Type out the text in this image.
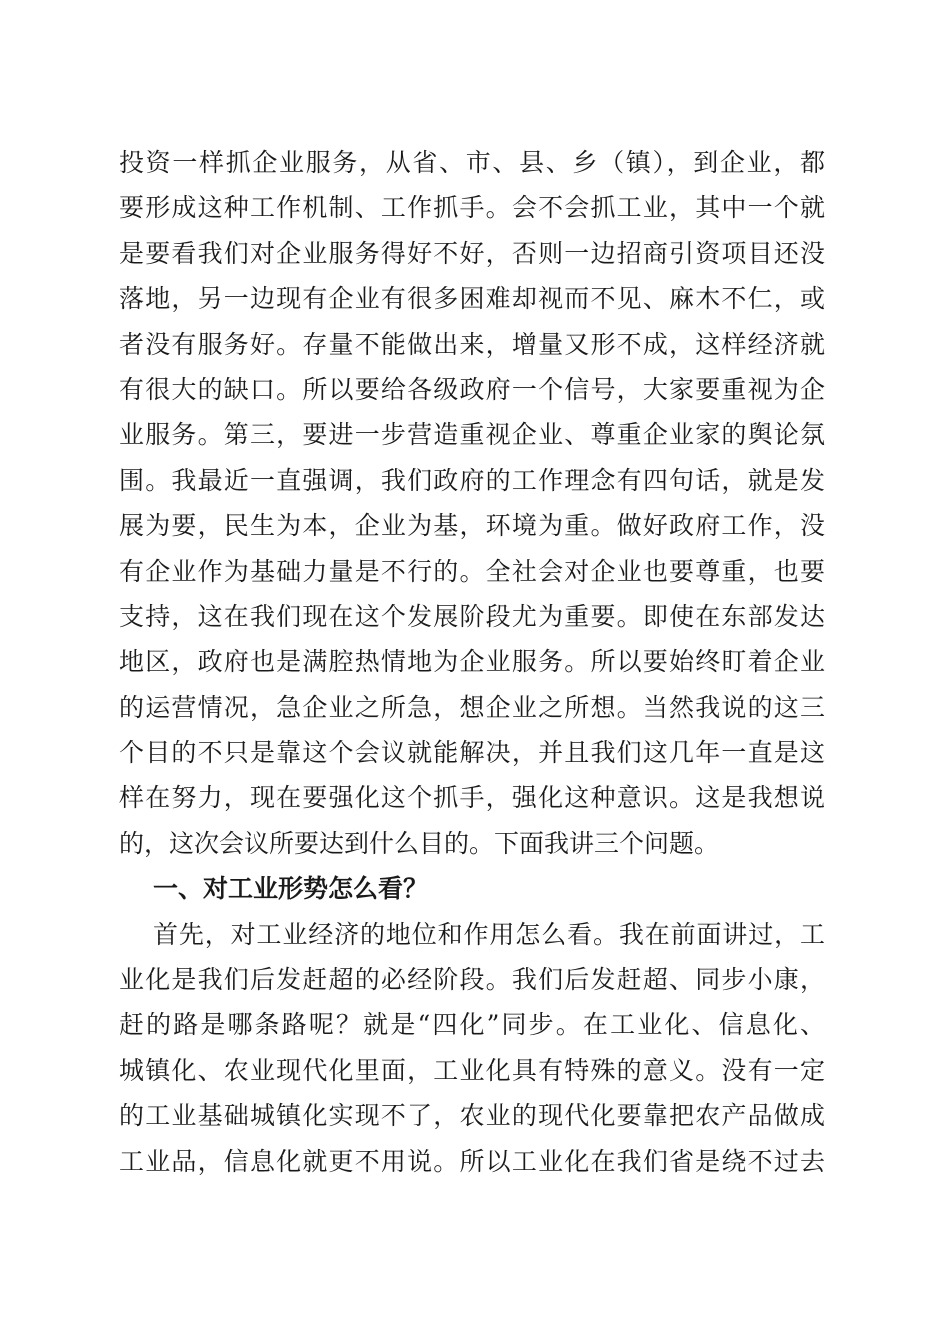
投资一样抓企业服务，从省、市、县、乡（镇），到企业，都
要形成这种工作机制、工作抓手。会不会抓工业，其中一个就
是要看我们对企业服务得好不好，否则一边招商引资项目还没
落地，另一边现有企业有很多困难却视而不见、麻木不仁，或
者没有服务好。存量不能做出来，增量又形不成，这样经济就
有很大的缺口。所以要给各级政府一个信号，大家要重视为企
业服务。第三，要进一步营造重视企业、尊重企业家的舆论氛
围。我最近一直强调，我们政府的工作理念有四句话，就是发
展为要，民生为本，企业为基，环境为重。做好政府工作，没
有企业作为基础力量是不行的。全社会对企业也要尊重，也要
支持，这在我们现在这个发展阶段尤为重要。即使在东部发达
地区，政府也是满腔热情地为企业服务。所以要始终盯着企业
的运营情况，急企业之所急，想企业之所想。当然我说的这三
个目的不只是靠这个会议就能解决，并且我们这几年一直是这
样在努力，现在要强化这个抓手，强化这种意识。这是我想说
的，这次会议所要达到什么目的。下面我讲三个问题。
一、对工业形势怎么看？
首先，对工业经济的地位和作用怎么看。我在前面讲过，工
业化是我们后发赶超的必经阶段。我们后发赶超、同步小康，
赶的路是哪条路呢？就是“四化”同步。在工业化、信息化、
城镇化、农业现代化里面，工业化具有特殊的意义。没有一定
的工业基础城镇化实现不了，农业的现代化要靠把农产品做成
工业品，信息化就更不用说。所以工业化在我们省是绕不过去
